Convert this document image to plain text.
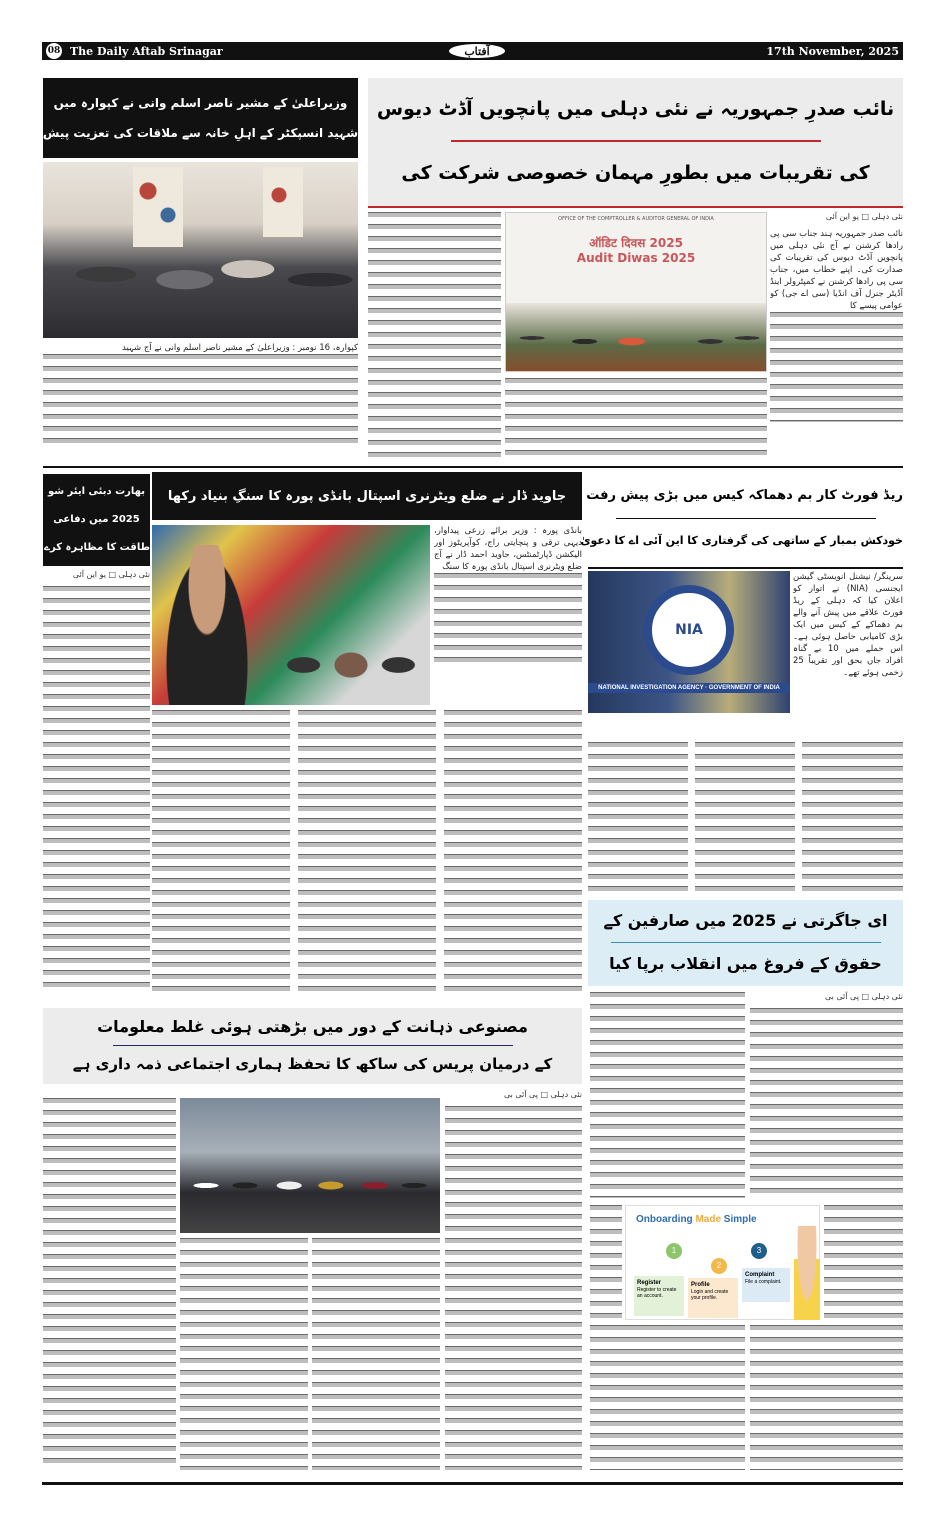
08 The Daily Aftab Srinagar	آفتاب	17th November, 2025
وزیراعلیٰ کے مشیر ناصر اسلم وانی نے کپوارہ میں
شہید انسپکٹر کے اہلِ خانہ سے ملاقات کی تعزیت پیش کی
کپوارہ، 16 نومبر : وزیراعلیٰ کے مشیر ناصر اسلم وانی نے آج شہید
نائب صدرِ جمہوریہ نے نئی دہلی میں پانچویں آڈٹ دیوس
کی تقریبات میں بطورِ مہمان خصوصی شرکت کی
OFFICE OF THE COMPTROLLER & AUDITOR GENERAL OF INDIA
ऑडिट दिवस 2025
Audit Diwas 2025
نئی دہلی □ یو این آئی
نائب صدر جمہوریہ ہند جناب سی پی رادھا کرشنن نے آج نئی دہلی میں پانچویں آڈٹ دیوس کی تقریبات کی صدارت کی۔ اپنے خطاب میں، جناب سی پی رادھا کرشنن نے کمپٹرولر اینڈ آڈیٹر جنرل آف انڈیا (سی اے جی) کو عوامی پیسے کا
بھارت دبئی ایئر شو
2025 میں دفاعی
طاقت کا مظاہرہ کرے گا
نئی دہلی □ یو این آئی
جاوید ڈار نے ضلع ویٹرنری اسپتال بانڈی پورہ کا سنگِ بنیاد رکھا
بانڈی پورہ : وزیر برائے زرعی پیداوار، دیہی ترقی و پنچایتی راج، کوآپریٹوز اور الیکشن ڈپارٹمنٹس، جاوید احمد ڈار نے آج ضلع ویٹرنری اسپتال بانڈی پورہ کا سنگ
ریڈ فورٹ کار بم دھماکہ کیس میں بڑی پیش رفت
خودکش بمبار کے ساتھی کی گرفتاری کا این آئی اے کا دعویٰ
NIA
NATIONAL INVESTIGATION AGENCY · GOVERNMENT OF INDIA
سرینگر/ نیشنل انویسٹی گیشن ایجنسی (NIA) نے اتوار کو اعلان کیا کہ دہلی کے ریڈ فورٹ علاقے میں پیش آنے والے بم دھماکے کے کیس میں ایک بڑی کامیابی حاصل ہوئی ہے۔ اس حملے میں 10 بے گناہ افراد جاں بحق اور تقریباً 25 زخمی ہوئے تھے۔
ای جاگرتی نے 2025 میں صارفین کے
حقوق کے فروغ میں انقلاب برپا کیا
نئی دہلی □ پی آئی بی
Onboarding Made Simple
1
2
3
Register
Register to create an account.
Profile
Login and create your profile.
Complaint
File a complaint.
مصنوعی ذہانت کے دور میں بڑھتی ہوئی غلط معلومات
کے درمیان پریس کی ساکھ کا تحفظ ہماری اجتماعی ذمہ داری ہے
نئی دہلی □ پی آئی بی
